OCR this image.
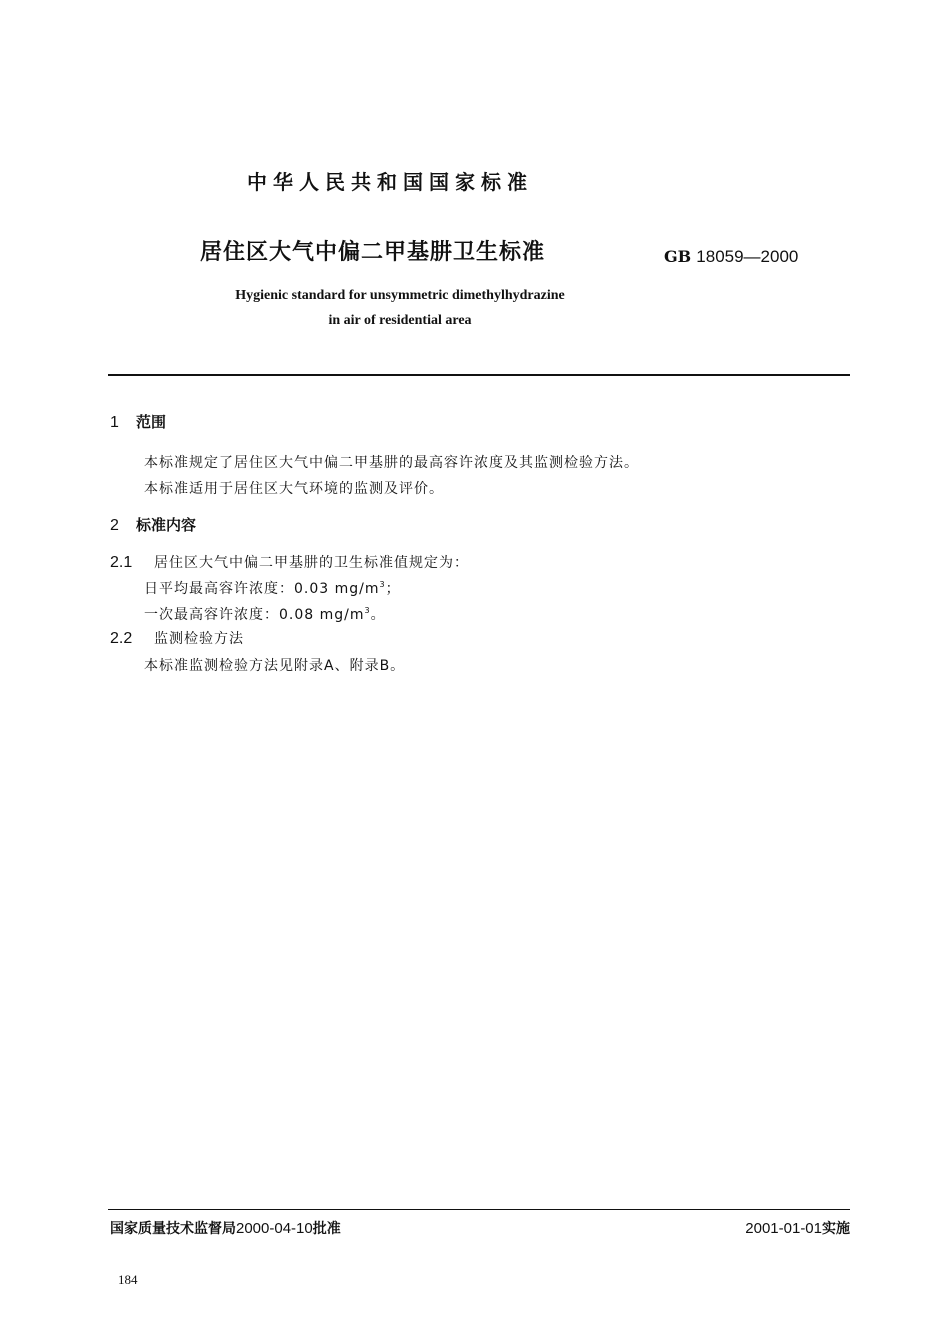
中华人民共和国国家标准
居住区大气中偏二甲基肼卫生标准	GB 18059—2000
Hygienic standard for unsymmetric dimethylhydrazine
in air of residential area
1 范围
本标准规定了居住区大气中偏二甲基肼的最高容许浓度及其监测检验方法。
本标准适用于居住区大气环境的监测及评价。
2 标准内容
2.1 居住区大气中偏二甲基肼的卫生标准值规定为：
日平均最高容许浓度：0.03 $mg/m^3$；
一次最高容许浓度：0.08 $mg/m^3$。
2.2 监测检验方法
本标准监测检验方法见附录A、附录B。
国家质量技术监督局2000-04-10批准	2001-01-01实施
184
